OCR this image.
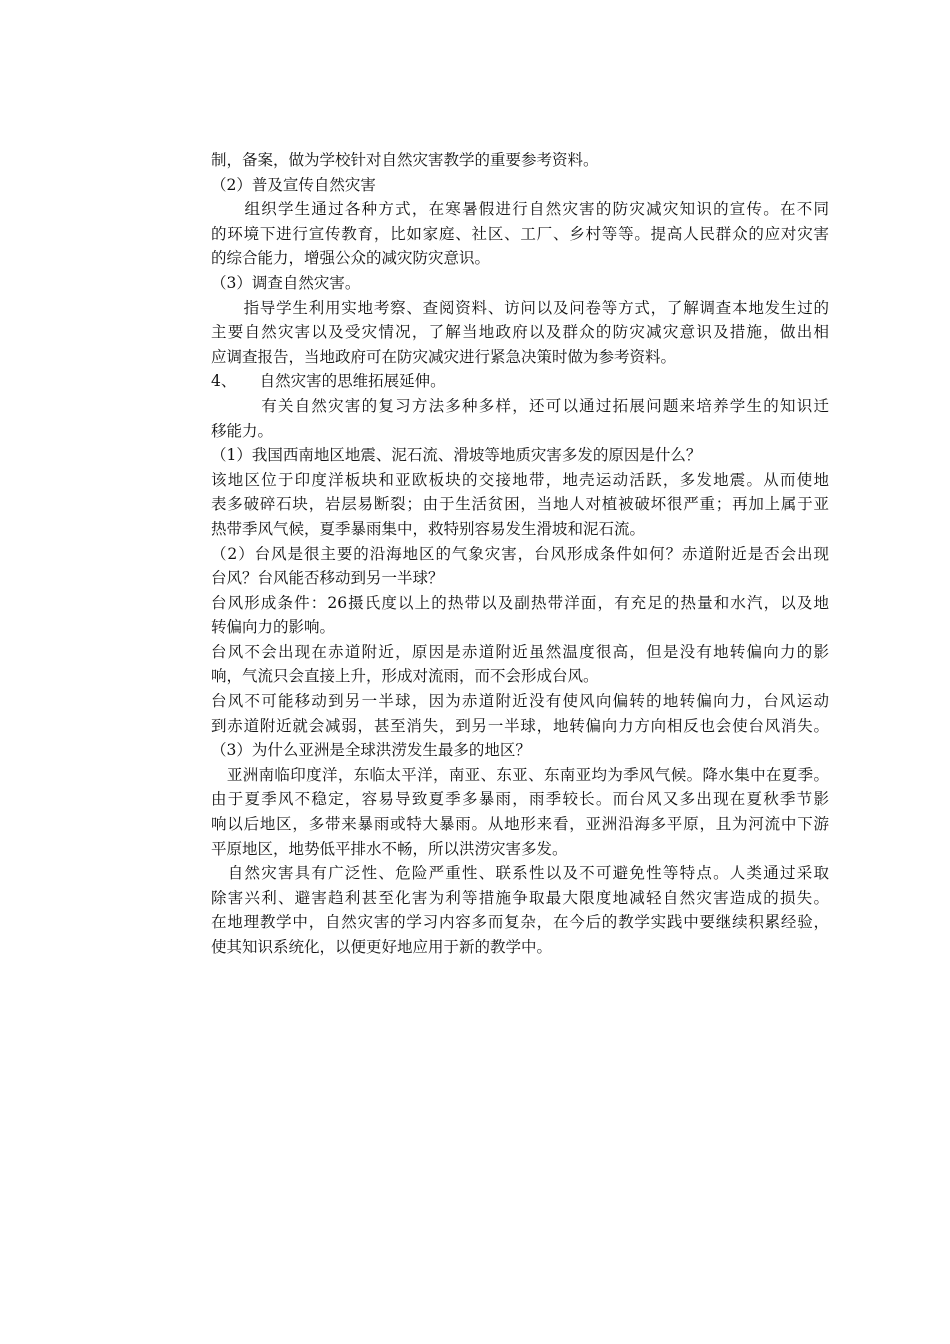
制，备案，做为学校针对自然灾害教学的重要参考资料。
（2）普及宣传自然灾害
　　组织学生通过各种方式，在寒暑假进行自然灾害的防灾减灾知识的宣传。在不同
的环境下进行宣传教育，比如家庭、社区、工厂、乡村等等。提高人民群众的应对灾害
的综合能力，增强公众的减灾防灾意识。
（3）调查自然灾害。
　　指导学生利用实地考察、查阅资料、访问以及问卷等方式，了解调查本地发生过的
主要自然灾害以及受灾情况，了解当地政府以及群众的防灾减灾意识及措施，做出相
应调查报告，当地政府可在防灾减灾进行紧急决策时做为参考资料。
4、　　自然灾害的思维拓展延伸。
　　　有关自然灾害的复习方法多种多样，还可以通过拓展问题来培养学生的知识迁
移能力。
（1）我国西南地区地震、泥石流、滑坡等地质灾害多发的原因是什么？
该地区位于印度洋板块和亚欧板块的交接地带，地壳运动活跃，多发地震。从而使地
表多破碎石块，岩层易断裂；由于生活贫困，当地人对植被破坏很严重；再加上属于亚
热带季风气候，夏季暴雨集中，救特别容易发生滑坡和泥石流。
（2）台风是很主要的沿海地区的气象灾害，台风形成条件如何？赤道附近是否会出现
台风？台风能否移动到另一半球？
台风形成条件：26摄氏度以上的热带以及副热带洋面，有充足的热量和水汽，以及地
转偏向力的影响。
台风不会出现在赤道附近，原因是赤道附近虽然温度很高，但是没有地转偏向力的影
响，气流只会直接上升，形成对流雨，而不会形成台风。
台风不可能移动到另一半球，因为赤道附近没有使风向偏转的地转偏向力，台风运动
到赤道附近就会减弱，甚至消失，到另一半球，地转偏向力方向相反也会使台风消失。
（3）为什么亚洲是全球洪涝发生最多的地区？
　亚洲南临印度洋，东临太平洋，南亚、东亚、东南亚均为季风气候。降水集中在夏季。
由于夏季风不稳定，容易导致夏季多暴雨，雨季较长。而台风又多出现在夏秋季节影
响以后地区，多带来暴雨或特大暴雨。从地形来看，亚洲沿海多平原，且为河流中下游
平原地区，地势低平排水不畅，所以洪涝灾害多发。
　自然灾害具有广泛性、危险严重性、联系性以及不可避免性等特点。人类通过采取
除害兴利、避害趋利甚至化害为利等措施争取最大限度地减轻自然灾害造成的损失。
在地理教学中，自然灾害的学习内容多而复杂，在今后的教学实践中要继续积累经验，
使其知识系统化，以便更好地应用于新的教学中。
